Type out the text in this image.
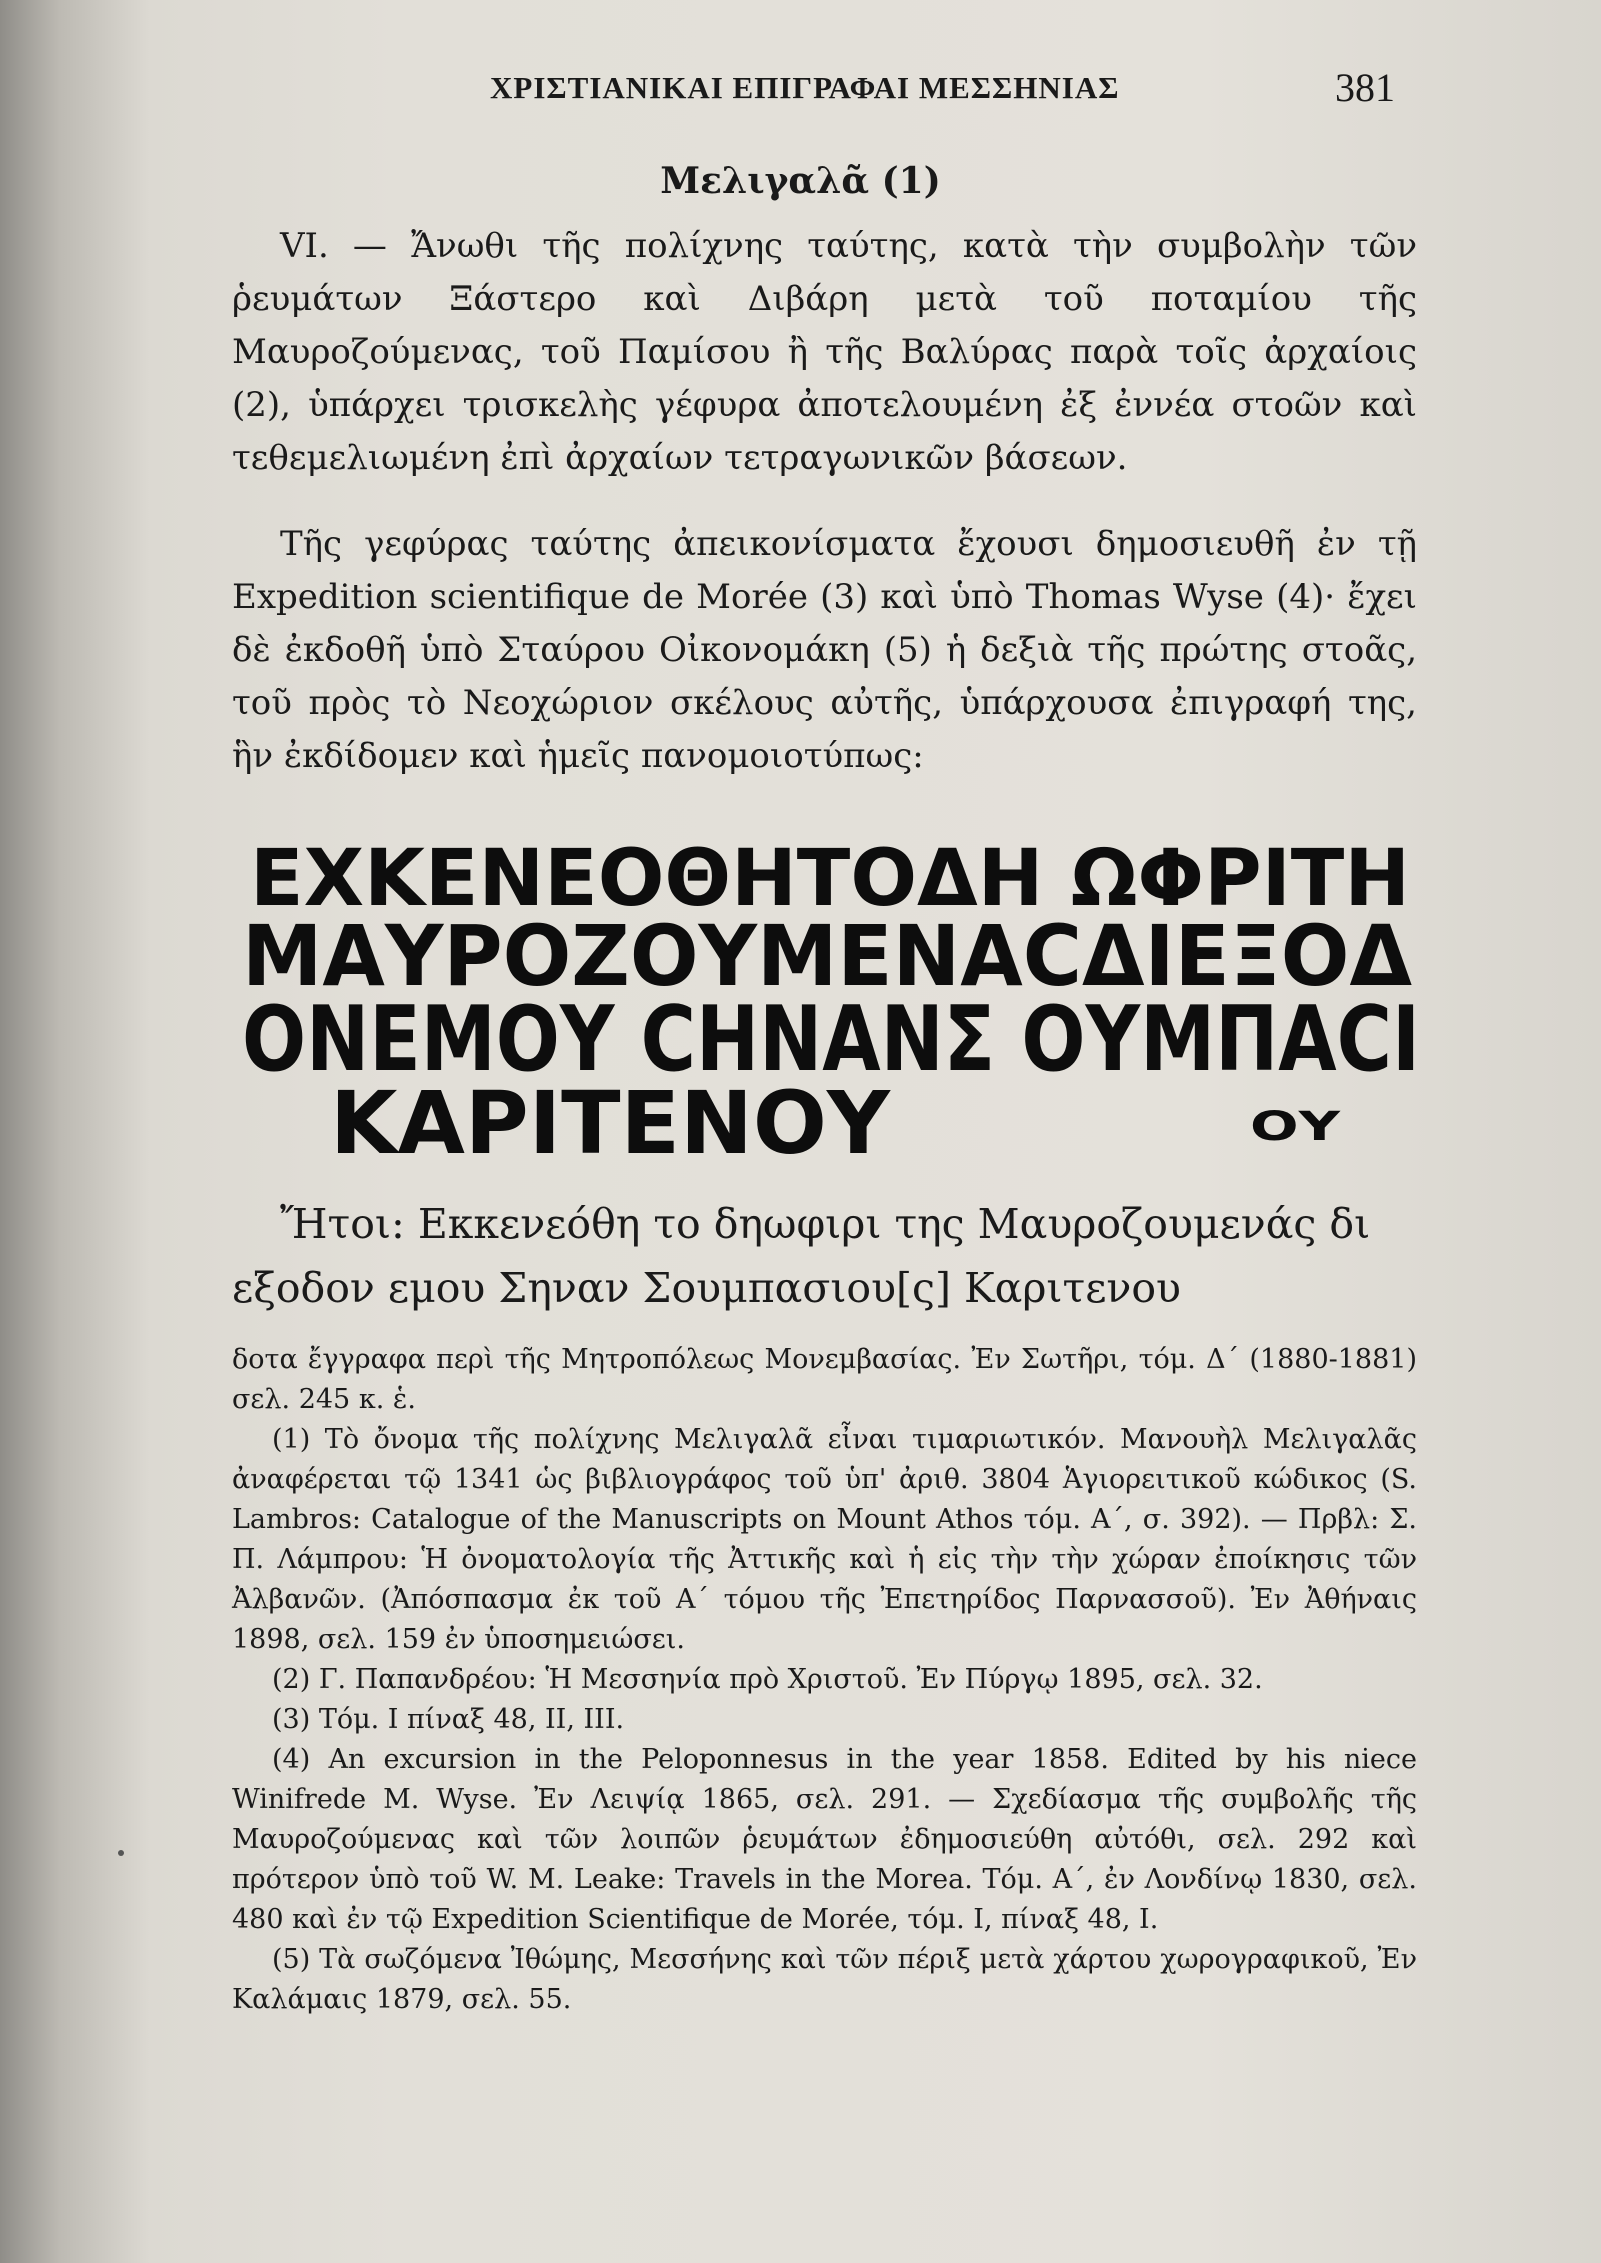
ΧΡΙΣΤΙΑΝΙΚΑΙ ΕΠΙΓΡΑΦΑΙ ΜΕΣΣΗΝΙΑΣ	381
Μελιγαλᾶ (1)

VI. — Ἄνωθι τῆς πολίχνης ταύτης, κατὰ τὴν συμβολὴν τῶν ῥευμάτων Ξάστερο καὶ Διβάρη μετὰ τοῦ ποταμίου τῆς Μαυροζούμενας, τοῦ Παμίσου ἢ τῆς Βαλύρας παρὰ τοῖς ἀρχαίοις (2), ὑπάρχει τρισκελὴς γέφυρα ἀποτελουμένη ἐξ ἐννέα στοῶν καὶ τεθεμελιωμένη ἐπὶ ἀρχαίων τετραγωνικῶν βάσεων.

Τῆς γεφύρας ταύτης ἀπεικονίσματα ἔχουσι δημοσιευθῆ ἐν τῇ Expedition scientifique de Morée (3) καὶ ὑπὸ Thomas Wyse (4)· ἔχει δὲ ἐκδοθῆ ὑπὸ Σταύρου Οἰκονομάκη (5) ἡ δεξιὰ τῆς πρώτης στοᾶς, τοῦ πρὸς τὸ Νεοχώριον σκέλους αὐτῆς, ὑπάρχουσα ἐπιγραφή της, ἣν ἐκδίδομεν καὶ ἡμεῖς πανομοιοτύπως:

ΕΧΚΕΝΕΟΘΗΤΟΔΗ ΩΦΡΙΤΗ
ΜΑΥΡΟΖΟΥΜΕΝΑCΔΙΕΞΟΔ
ΟΝΕΜΟΥ CΗΝΑΝΣ ΟΥΜΠΑCΙ
ΚΑΡΙΤΕΝΟΥ	ΟΥ

Ἤτοι: Εκκενεόθη το δηωφιρι της Μαυροζουμενάς δι

εξοδον εμου Σηναν Σουμπασιου[ς] Καριτενου

δοτα ἔγγραφα περὶ τῆς Μητροπόλεως Μονεμβασίας. Ἐν Σωτῆρι, τόμ. Δ΄ (1880-1881) σελ. 245 κ. ἑ.

(1) Τὸ ὄνομα τῆς πολίχνης Μελιγαλᾶ εἶναι τιμαριωτικόν. Μανουὴλ Μελιγαλᾶς ἀναφέρεται τῷ 1341 ὡς βιβλιογράφος τοῦ ὑπ' ἀριθ. 3804 Ἁγιορειτικοῦ κώδικος (S. Lambros: Catalogue of the Manuscripts on Mount Athos τόμ. Α΄, σ. 392). — Πρβλ: Σ. Π. Λάμπρου: Ἡ ὀνοματολογία τῆς Ἀττικῆς καὶ ἡ εἰς τὴν τὴν χώραν ἐποίκησις τῶν Ἀλβανῶν. (Ἀπόσπασμα ἐκ τοῦ Α΄ τόμου τῆς Ἐπετηρίδος Παρνασσοῦ). Ἐν Ἀθήναις 1898, σελ. 159 ἐν ὑποσημειώσει.

(2) Γ. Παπανδρέου: Ἡ Μεσσηνία πρὸ Χριστοῦ. Ἐν Πύργῳ 1895, σελ. 32.

(3) Τόμ. Ι πίναξ 48, II, III.

(4) An excursion in the Peloponnesus in the year 1858. Edited by his niece Winifrede M. Wyse. Ἐν Λειψίᾳ 1865, σελ. 291. — Σχεδίασμα τῆς συμβολῆς τῆς Μαυροζούμενας καὶ τῶν λοιπῶν ῥευμάτων ἐδημοσιεύθη αὐτόθι, σελ. 292 καὶ πρότερον ὑπὸ τοῦ W. M. Leake: Travels in the Morea. Τόμ. Α΄, ἐν Λονδίνῳ 1830, σελ. 480 καὶ ἐν τῷ Expedition Scientifique de Morée, τόμ. I, πίναξ 48, I.

(5) Τὰ σωζόμενα Ἰθώμης, Μεσσήνης καὶ τῶν πέριξ μετὰ χάρτου χωρογραφικοῦ, Ἐν Καλάμαις 1879, σελ. 55.
